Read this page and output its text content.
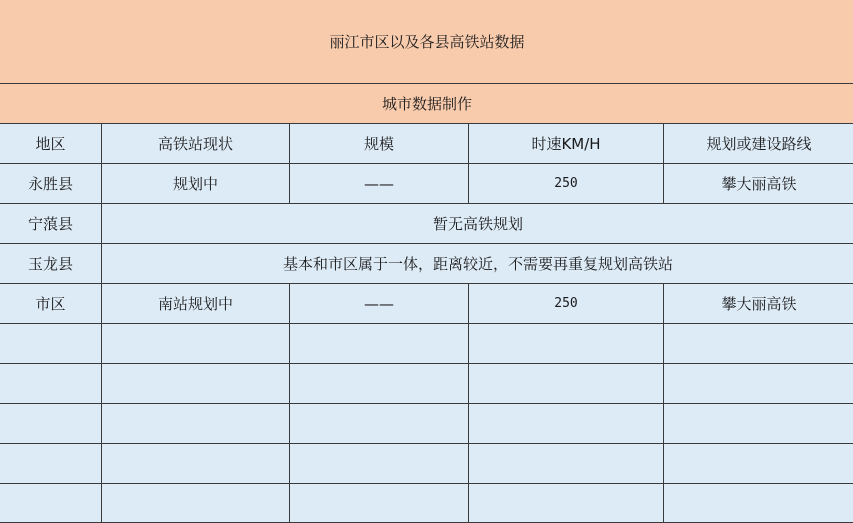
丽江市区以及各县高铁站数据				
城市数据制作				
地区	高铁站现状	规模	时速KM/H	规划或建设路线
永胜县	规划中	——	250	攀大丽高铁
宁蒗县	暂无高铁规划			
玉龙县	基本和市区属于一体，距离较近，不需要再重复规划高铁站			
市区	南站规划中	——	250	攀大丽高铁
